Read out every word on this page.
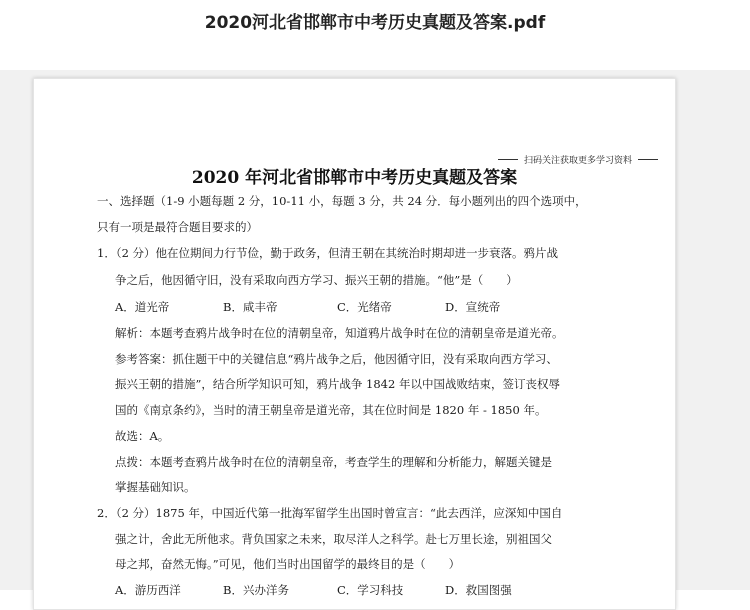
2020河北省邯郸市中考历史真题及答案.pdf
扫码关注获取更多学习资料
2020 年河北省邯郸市中考历史真题及答案
一、选择题（1-9 小题每题 2 分，10-11 小，每题 3 分，共 24 分．每小题列出的四个选项中，
只有一项是最符合题目要求的）
1．（2 分）他在位期间力行节俭，勤于政务，但清王朝在其统治时期却进一步衰落。鸦片战
争之后，他因循守旧，没有采取向西方学习、振兴王朝的措施。“他”是（　　）
A．道光帝	B．咸丰帝	C．光绪帝	D．宣统帝
解析：本题考查鸦片战争时在位的清朝皇帝，知道鸦片战争时在位的清朝皇帝是道光帝。
参考答案：抓住题干中的关键信息“鸦片战争之后，他因循守旧，没有采取向西方学习、
振兴王朝的措施”，结合所学知识可知，鸦片战争 1842 年以中国战败结束，签订丧权辱
国的《南京条约》，当时的清王朝皇帝是道光帝，其在位时间是 1820 年 - 1850 年。
故选：A。
点拨：本题考查鸦片战争时在位的清朝皇帝，考查学生的理解和分析能力，解题关键是
掌握基础知识。
2．（2 分）1875 年，中国近代第一批海军留学生出国时曾宣言：“此去西洋，应深知中国自
强之计，舍此无所他求。背负国家之未来，取尽洋人之科学。赴七万里长途，别祖国父
母之邦，奋然无悔。”可见，他们当时出国留学的最终目的是（　　）
A．游历西洋	B．兴办洋务	C．学习科技	D．救国图强
